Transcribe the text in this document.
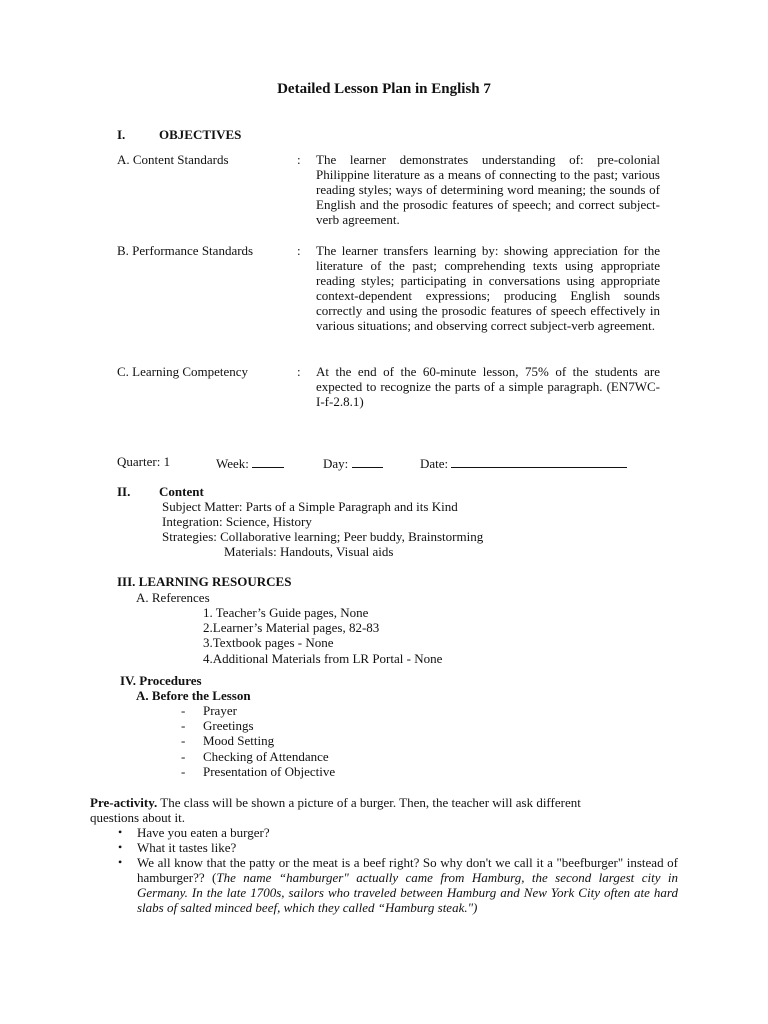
Detailed Lesson Plan in English 7
I.	OBJECTIVES
A. Content Standards	: The learner demonstrates understanding of: pre-colonial Philippine literature as a means of connecting to the past; various reading styles; ways of determining word meaning; the sounds of English and the prosodic features of speech; and correct subject-verb agreement.
B. Performance Standards	: The learner transfers learning by: showing appreciation for the literature of the past; comprehending texts using appropriate reading styles; participating in conversations using appropriate context-dependent expressions; producing English sounds correctly and using the prosodic features of speech effectively in various situations; and observing correct subject-verb agreement.
C. Learning Competency	: At the end of the 60-minute lesson, 75% of the students are expected to recognize the parts of a simple paragraph. (EN7WC-I-f-2.8.1)
Quarter: 1	Week:	Day:	Date:
II. Content
Subject Matter: Parts of a Simple Paragraph and its Kind
Integration: Science, History
Strategies: Collaborative learning; Peer buddy, Brainstorming
Materials: Handouts, Visual aids
III. LEARNING RESOURCES
A. References
1. Teacher’s Guide pages, None
2.Learner’s Material pages, 82-83
3.Textbook pages - None
4.Additional Materials from LR Portal - None
IV. Procedures
A. Before the Lesson
- Prayer
- Greetings
- Mood Setting
- Checking of Attendance
- Presentation of Objective
Pre-activity. The class will be shown a picture of a burger. Then, the teacher will ask different
questions about it.
• Have you eaten a burger?
• What it tastes like?
• We all know that the patty or the meat is a beef right? So why don't we call it a "beefburger" instead of hamburger?? (The name “hamburger" actually came from Hamburg, the second largest city in Germany. In the late 1700s, sailors who traveled between Hamburg and New York City often ate hard slabs of salted minced beef, which they called “Hamburg steak.")
